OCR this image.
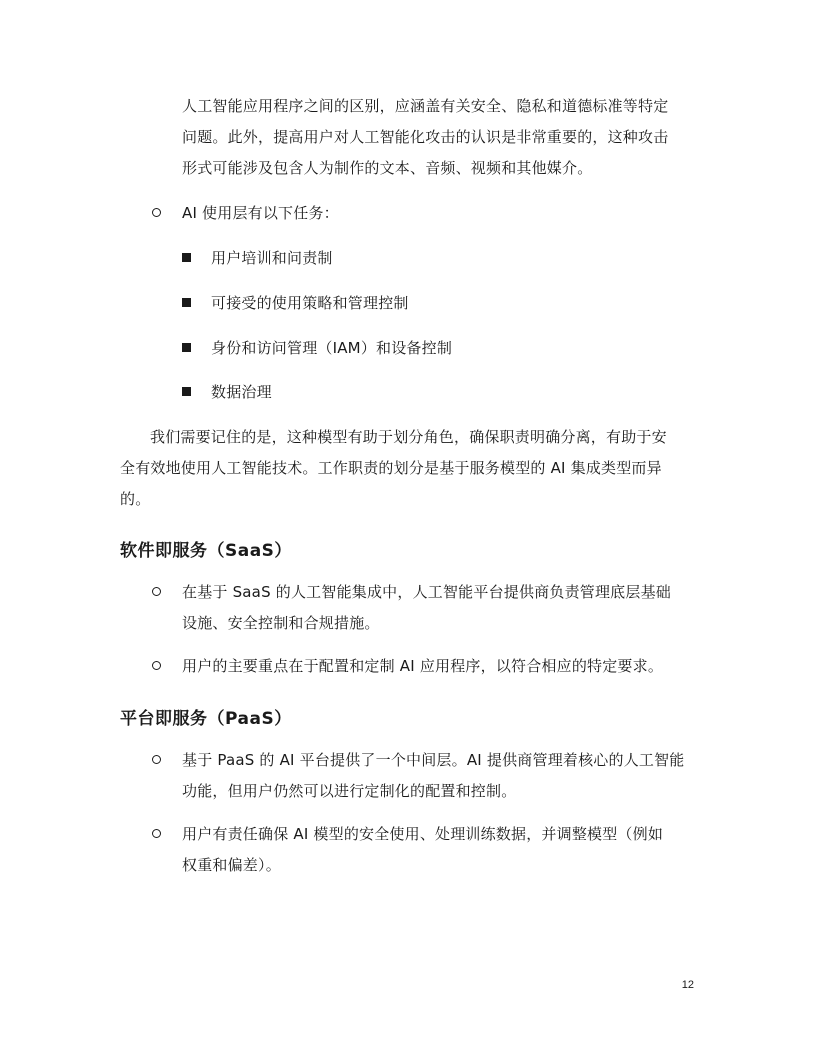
人工智能应用程序之间的区别，应涵盖有关安全、隐私和道德标准等特定
问题。此外，提高用户对人工智能化攻击的认识是非常重要的，这种攻击
形式可能涉及包含人为制作的文本、音频、视频和其他媒介。
AI 使用层有以下任务：
用户培训和问责制
可接受的使用策略和管理控制
身份和访问管理（IAM）和设备控制
数据治理
我们需要记住的是，这种模型有助于划分角色，确保职责明确分离，有助于安
全有效地使用人工智能技术。工作职责的划分是基于服务模型的 AI 集成类型而异
的。
软件即服务（SaaS）
在基于 SaaS 的人工智能集成中，人工智能平台提供商负责管理底层基础
设施、安全控制和合规措施。
用户的主要重点在于配置和定制 AI 应用程序，以符合相应的特定要求。
平台即服务（PaaS）
基于 PaaS 的 AI 平台提供了一个中间层。AI 提供商管理着核心的人工智能
功能，但用户仍然可以进行定制化的配置和控制。
用户有责任确保 AI 模型的安全使用、处理训练数据，并调整模型（例如
权重和偏差）。
12
